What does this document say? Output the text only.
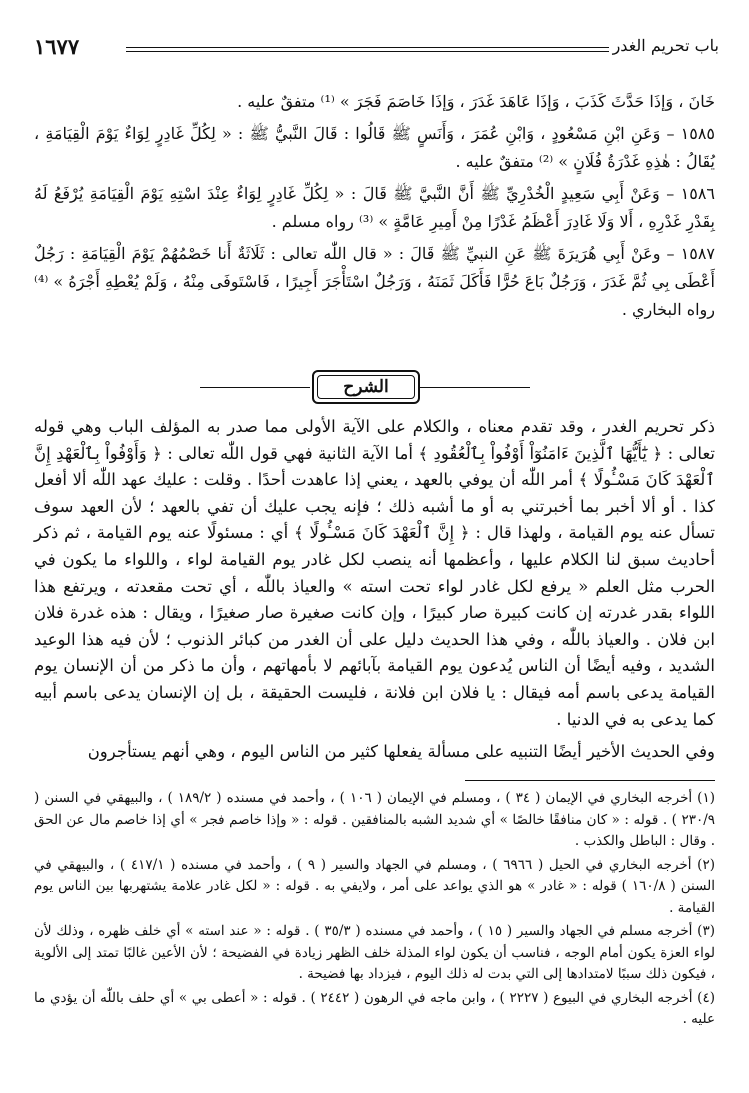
باب تحريم الغدر
١٦٧٧

خَانَ ، وَإذَا حَدَّثَ كَذَبَ ، وَإذَا عَاهَدَ غَدَرَ ، وَإذَا خَاصَمَ فَجَرَ » ⁽¹⁾ متفقٌ عليه .

١٥٨٥ – وَعَنِ ابْنِ مَسْعُودٍ ، وَابْنِ عُمَرَ ، وَأَنَسٍ ﷺ قَالُوا : قَالَ النَّبيُّ ﷺ : « لِكُلِّ غَادِرٍ لِوَاءٌ يَوْمَ الْقِيَامَةِ ، يُقَالُ : هٰذِهِ غَدْرَةُ فُلَانٍ » ⁽²⁾ متفقٌ عليه .

١٥٨٦ – وَعَنْ أَبِي سَعِيدٍ الْخُدْرِيِّ ﷺ أَنَّ النَّبيَّ ﷺ قَالَ : « لِكُلِّ غَادِرٍ لِوَاءٌ عِنْدَ اسْتِهِ يَوْمَ الْقِيَامَةِ يُرْفَعُ لَهُ بِقَدْرِ غَدْرِهِ ، أَلا وَلَا غَادِرَ أَعْظَمُ غَدْرًا مِنْ أَمِيرِ عَامَّةٍ » ⁽³⁾ رواه مسلم .

١٥٨٧ – وعَنْ أَبِي هُرَيرَةَ ﷺ عَنِ النبيِّ ﷺ قَالَ : « قال اللّٰه تعالى : ثَلَاثَةٌ أَنا خَصْمُهُمْ يَوْمَ الْقِيَامَةِ : رَجُلٌ أَعْطَى بِي ثُمَّ غَدَرَ ، وَرَجُلٌ بَاعَ حُرًّا فَأَكَلَ ثَمَنَهُ ، وَرَجُلٌ اسْتَأْجَرَ أَجِيرًا ، فَاسْتَوفَى مِنْهُ ، وَلَمْ يُعْطِهِ أَجْرَهُ » ⁽⁴⁾ رواه البخاري .

الشرح

ذكر تحريم الغدر ، وقد تقدم معناه ، والكلام على الآية الأولى مما صدر به المؤلف الباب وهي قوله تعالى : ﴿ يَٰٓأَيُّهَا ٱلَّذِينَ ءَامَنُوٓاْ أَوْفُواْ بِٱلْعُقُودِ ﴾ أما الآية الثانية فهي قول اللّٰه تعالى : ﴿ وَأَوْفُواْ بِٱلْعَهْدِ إِنَّ ٱلْعَهْدَ كَانَ مَسْـُٔولًا ﴾ أمر اللّٰه أن يوفي بالعهد ، يعني إذا عاهدت أحدًا . وقلت : عليك عهد اللّٰه ألا أفعل كذا . أو ألا أخبر بما أخبرتني به أو ما أشبه ذلك ؛ فإنه يجب عليك أن تفي بالعهد ؛ لأن العهد سوف تسأل عنه يوم القيامة ، ولهذا قال : ﴿ إِنَّ ٱلْعَهْدَ كَانَ مَسْـُٔولًا ﴾ أي : مسئولًا عنه يوم القيامة ، ثم ذكر أحاديث سبق لنا الكلام عليها ، وأعظمها أنه ينصب لكل غادر يوم القيامة لواء ، واللواء ما يكون في الحرب مثل العلم « يرفع لكل غادر لواء تحت استه » والعياذ باللّٰه ، أي تحت مقعدته ، ويرتفع هذا اللواء بقدر غدرته إن كانت كبيرة صار كبيرًا ، وإن كانت صغيرة صار صغيرًا ، ويقال : هذه غدرة فلان ابن فلان . والعياذ باللّٰه ، وفي هذا الحديث دليل على أن الغدر من كبائر الذنوب ؛ لأن فيه هذا الوعيد الشديد ، وفيه أيضًا أن الناس يُدعون يوم القيامة بآبائهم لا بأمهاتهم ، وأن ما ذكر من أن الإنسان يوم القيامة يدعى باسم أمه فيقال : يا فلان ابن فلانة ، فليست الحقيقة ، بل إن الإنسان يدعى باسم أبيه كما يدعى به في الدنيا .

وفي الحديث الأخير أيضًا التنبيه على مسألة يفعلها كثير من الناس اليوم ، وهي أنهم يستأجرون

(١) أخرجه البخاري في الإيمان ( ٣٤ ) ، ومسلم في الإيمان ( ١٠٦ ) ، وأحمد في مسنده ( ١٨٩/٢ ) ، والبيهقي في السنن ( ٢٣٠/٩ ) . قوله : « كان منافقًا خالصًا » أي شديد الشبه بالمنافقين . قوله : « وإذا خاصم فجر » أي إذا خاصم مال عن الحق . وقال : الباطل والكذب .

(٢) أخرجه البخاري في الحيل ( ٦٩٦٦ ) ، ومسلم في الجهاد والسير ( ٩ ) ، وأحمد في مسنده ( ٤١٧/١ ) ، والبيهقي في السنن ( ١٦٠/٨ ) قوله : « غادر » هو الذي يواعد على أمر ، ولايفي به . قوله : « لكل غادر علامة يشتهربها بين الناس يوم القيامة .

(٣) أخرجه مسلم في الجهاد والسير ( ١٥ ) ، وأحمد في مسنده ( ٣٥/٣ ) . قوله : « عند استه » أي خلف ظهره ، وذلك لأن لواء العزة يكون أمام الوجه ، فناسب أن يكون لواء المذلة خلف الظهر زيادة في الفضيحة ؛ لأن الأعين غالبًا تمتد إلى الألوية ، فيكون ذلك سببًا لامتدادها إلى التي بدت له ذلك اليوم ، فيزداد بها فضيحة .

(٤) أخرجه البخاري في البيوع ( ٢٢٢٧ ) ، وابن ماجه في الرهون ( ٢٤٤٢ ) . قوله : « أعطى بي » أي حلف باللّٰه أن يؤدي ما عليه .
